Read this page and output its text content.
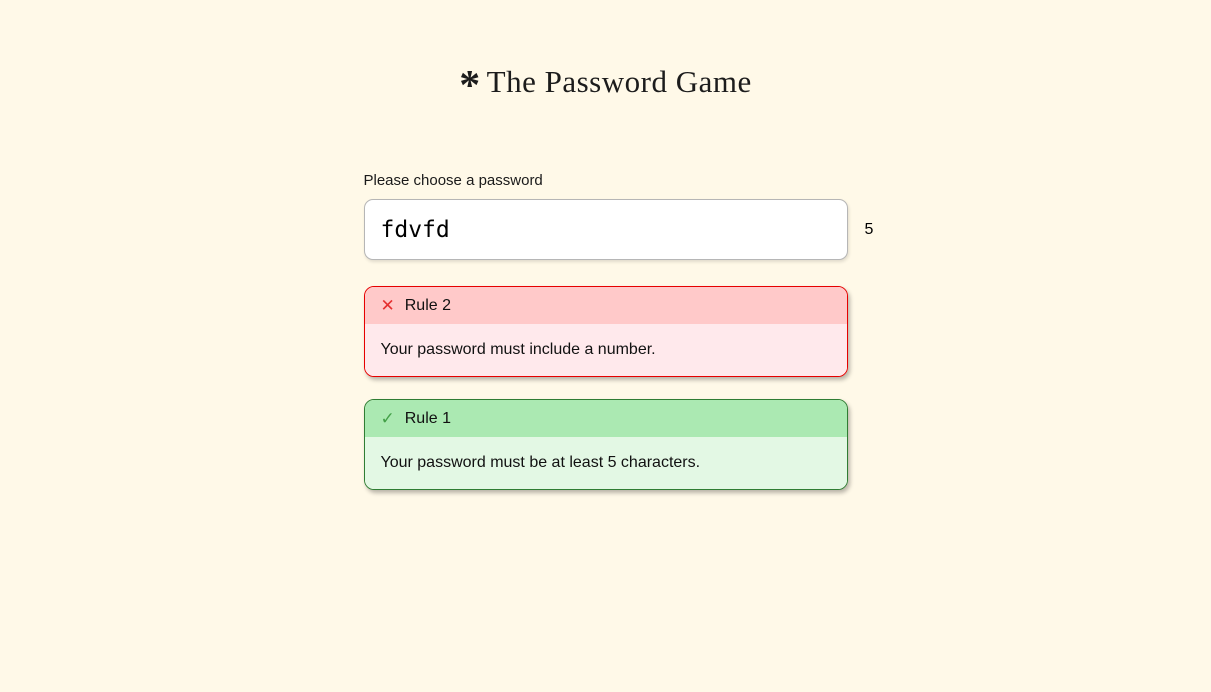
* The Password Game
Please choose a password
fdvfd
5
✕ Rule 2
Your password must include a number.
✓ Rule 1
Your password must be at least 5 characters.
